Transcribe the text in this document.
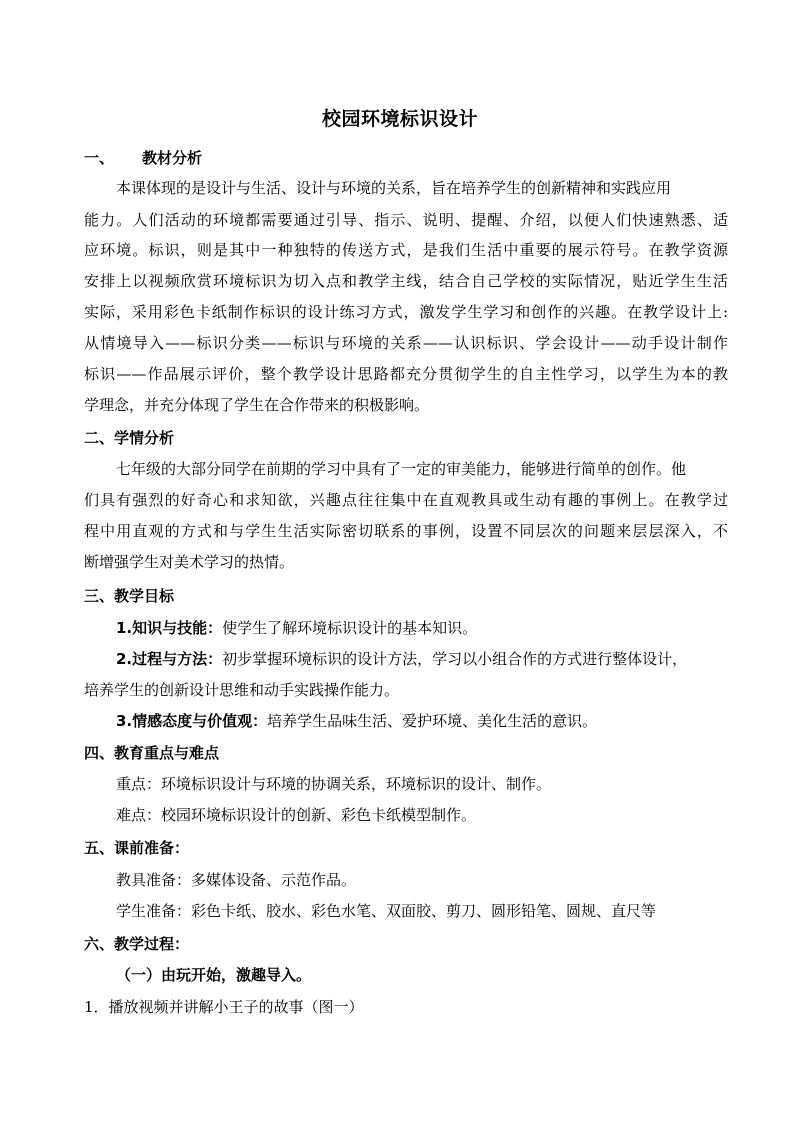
校园环境标识设计
一、 教材分析
本课体现的是设计与生活、设计与环境的关系，旨在培养学生的创新精神和实践应用
能力。人们活动的环境都需要通过引导、指示、说明、提醒、介绍，以便人们快速熟悉、适
应环境。标识，则是其中一种独特的传送方式，是我们生活中重要的展示符号。在教学资源
安排上以视频欣赏环境标识为切入点和教学主线，结合自己学校的实际情况，贴近学生生活
实际，采用彩色卡纸制作标识的设计练习方式，激发学生学习和创作的兴趣。在教学设计上:
从情境导入——标识分类——标识与环境的关系——认识标识、学会设计——动手设计制作
标识——作品展示评价，整个教学设计思路都充分贯彻学生的自主性学习，以学生为本的教
学理念，并充分体现了学生在合作带来的积极影响。
二、学情分析
七年级的大部分同学在前期的学习中具有了一定的审美能力，能够进行简单的创作。他
们具有强烈的好奇心和求知欲，兴趣点往往集中在直观教具或生动有趣的事例上。在教学过
程中用直观的方式和与学生生活实际密切联系的事例，设置不同层次的问题来层层深入，不
断增强学生对美术学习的热情。
三、教学目标
1.知识与技能：使学生了解环境标识设计的基本知识。
2.过程与方法：初步掌握环境标识的设计方法，学习以小组合作的方式进行整体设计，
培养学生的创新设计思维和动手实践操作能力。
3.情感态度与价值观：培养学生品味生活、爱护环境、美化生活的意识。
四、教育重点与难点
重点：环境标识设计与环境的协调关系，环境标识的设计、制作。
难点：校园环境标识设计的创新、彩色卡纸模型制作。
五、课前准备：
教具准备：多媒体设备、示范作品。
学生准备：彩色卡纸、胶水、彩色水笔、双面胶、剪刀、圆形铅笔、圆规、直尺等
六、教学过程：
（一）由玩开始，激趣导入。
1．播放视频并讲解小王子的故事（图一）
